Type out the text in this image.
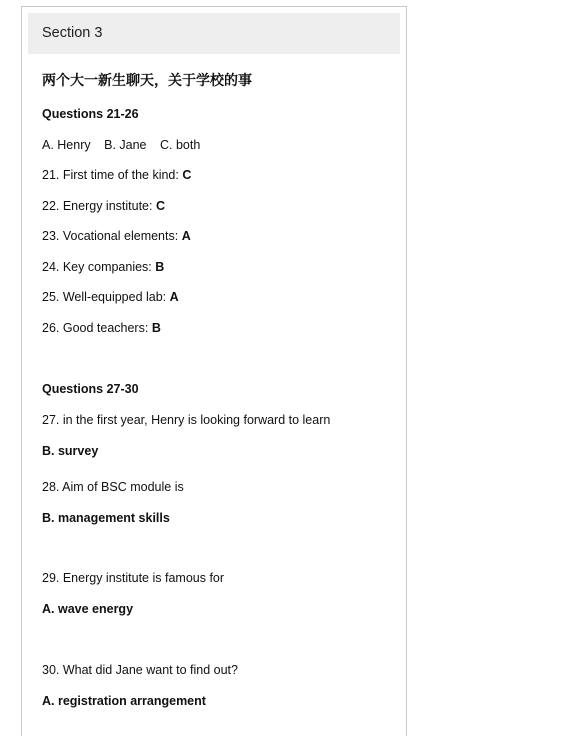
Section 3
两个大一新生聊天，关于学校的事
Questions 21-26
A. Henry B. Jane C. both
21. First time of the kind: C
22. Energy institute: C
23. Vocational elements: A
24. Key companies: B
25. Well-equipped lab: A
26. Good teachers: B
Questions 27-30
27. in the first year, Henry is looking forward to learn
B. survey
28. Aim of BSC module is
B. management skills
29. Energy institute is famous for
A. wave energy
30. What did Jane want to find out?
A. registration arrangement
